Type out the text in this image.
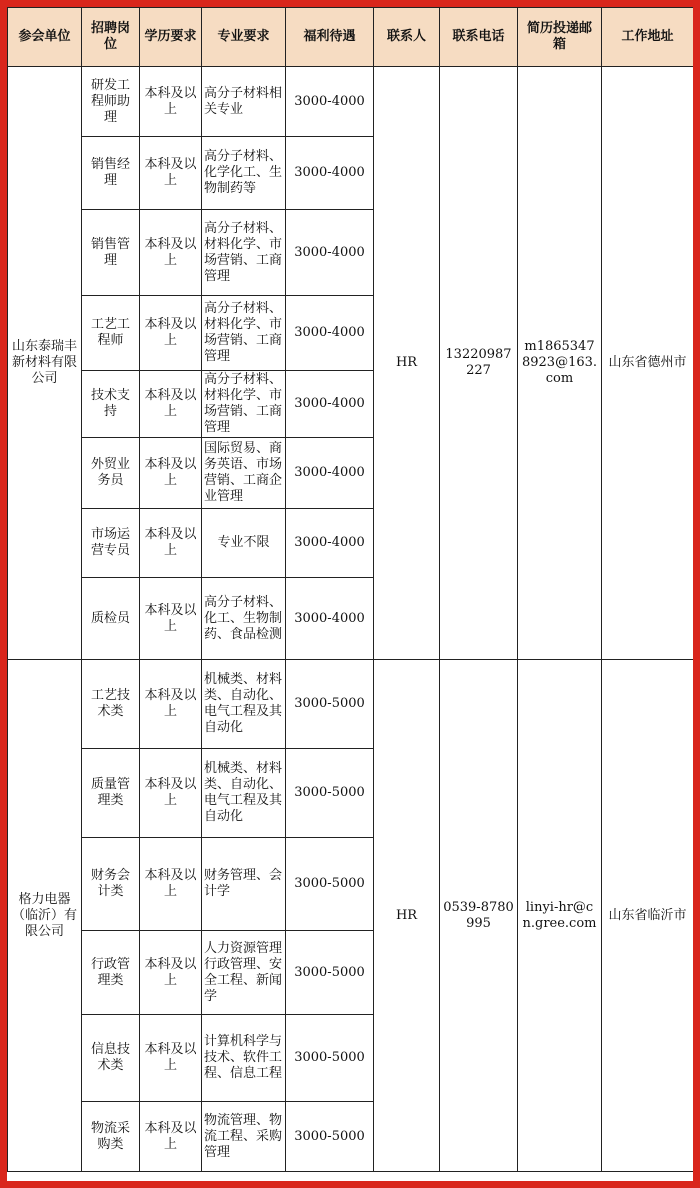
参会单位	招聘岗位	学历要求	专业要求	福利待遇	联系人	联系电话	简历投递邮箱	工作地址
山东泰瑞丰新材料有限公司	研发工程师助理	本科及以上	高分子材料相关专业	3000-4000	HR	13220987227	m18653478923@163.com	山东省德州市
	销售经理	本科及以上	高分子材料、化学化工、生物制药等	3000-4000				
	销售管理	本科及以上	高分子材料、材料化学、市场营销、工商管理	3000-4000				
	工艺工程师	本科及以上	高分子材料、材料化学、市场营销、工商管理	3000-4000				
	技术支持	本科及以上	高分子材料、材料化学、市场营销、工商管理	3000-4000				
	外贸业务员	本科及以上	国际贸易、商务英语、市场营销、工商企业管理	3000-4000				
	市场运营专员	本科及以上	专业不限	3000-4000				
	质检员	本科及以上	高分子材料、化工、生物制药、食品检测	3000-4000				
格力电器（临沂）有限公司	工艺技术类	本科及以上	机械类、材料类、自动化、电气工程及其自动化	3000-5000	HR	0539-8780995	linyi-hr@cn.gree.com	山东省临沂市
	质量管理类	本科及以上	机械类、材料类、自动化、电气工程及其自动化	3000-5000				
	财务会计类	本科及以上	财务管理、会计学	3000-5000				
	行政管理类	本科及以上	人力资源管理行政管理、安全工程、新闻学	3000-5000				
	信息技术类	本科及以上	计算机科学与技术、软件工程、信息工程	3000-5000				
	物流采购类	本科及以上	物流管理、物流工程、采购管理	3000-5000				
